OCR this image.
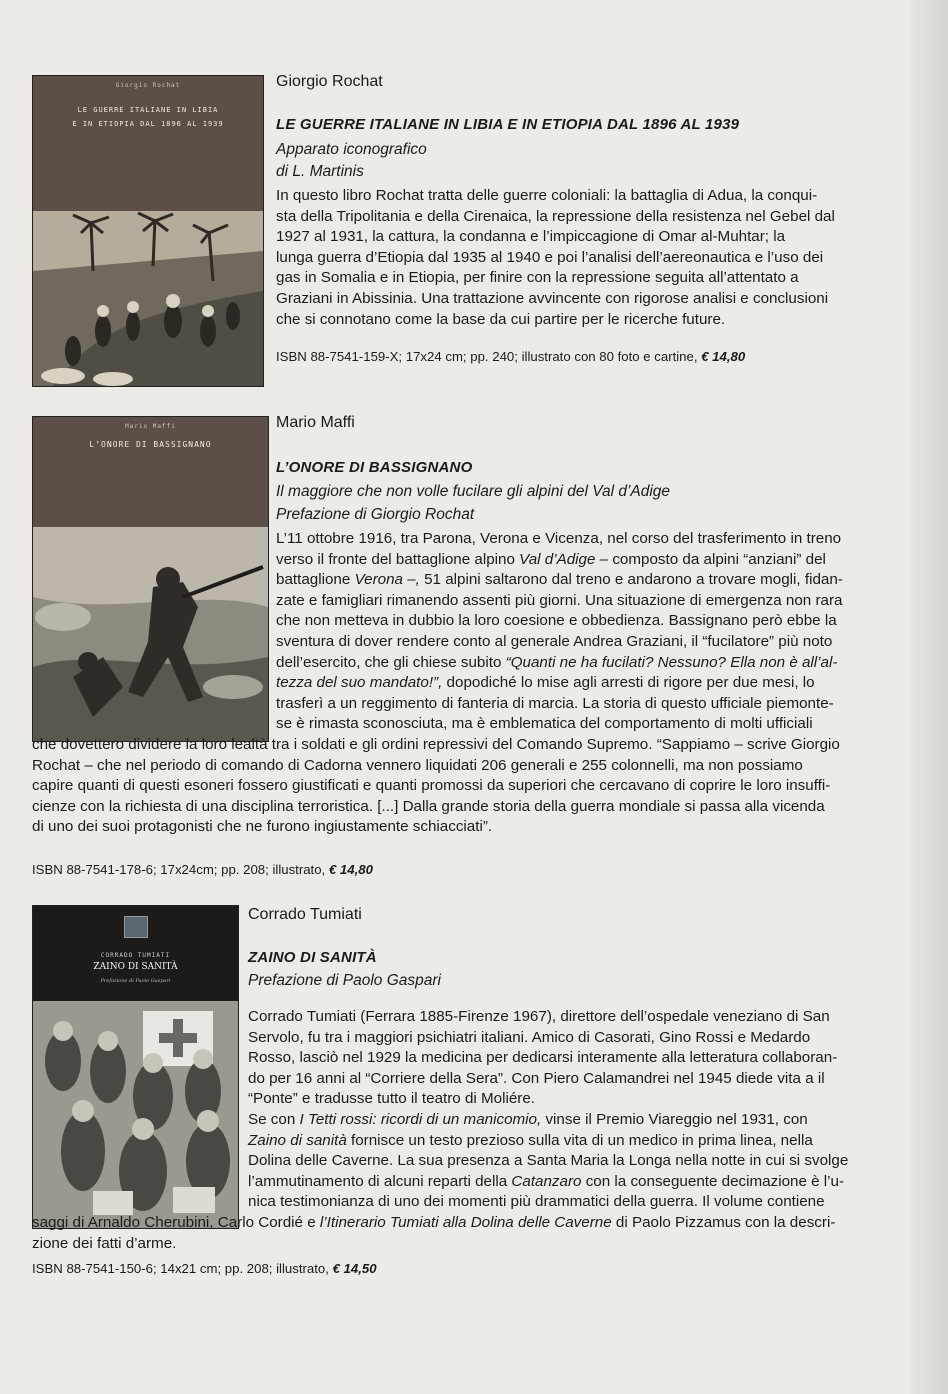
Giorgio Rochat
LE GUERRE ITALIANE IN LIBIA
E IN ETIOPIA DAL 1896 AL 1939
Giorgio Rochat
LE GUERRE ITALIANE IN LIBIA E IN ETIOPIA DAL 1896 AL 1939
Apparato iconografico
di L. Martinis
In questo libro Rochat tratta delle guerre coloniali: la battaglia di Adua, la conqui-
sta della Tripolitania e della Cirenaica, la repressione della resistenza nel Gebel dal
1927 al 1931, la cattura, la condanna e l’impiccagione di Omar al-Muhtar; la
lunga guerra d’Etiopia dal 1935 al 1940 e poi l’analisi dell’aereonautica e l’uso dei
gas in Somalia e in Etiopia, per finire con la repressione seguita all’attentato a
Graziani in Abissinia. Una trattazione avvincente con rigorose analisi e conclusioni
che si connotano come la base da cui partire per le ricerche future.
ISBN 88-7541-159-X; 17x24 cm; pp. 240; illustrato con 80 foto e cartine, € 14,80
Mario Maffi
L’ONORE DI BASSIGNANO
Mario Maffi
L’ONORE DI BASSIGNANO
Il maggiore che non volle fucilare gli alpini del Val d’Adige
Prefazione di Giorgio Rochat
L’11 ottobre 1916, tra Parona, Verona e Vicenza, nel corso del trasferimento in treno
verso il fronte del battaglione alpino Val d’Adige – composto da alpini “anziani” del
battaglione Verona –, 51 alpini saltarono dal treno e andarono a trovare mogli, fidan-
zate e famigliari rimanendo assenti più giorni. Una situazione di emergenza non rara
che non metteva in dubbio la loro coesione e obbedienza. Bassignano però ebbe la
sventura di dover rendere conto al generale Andrea Graziani, il “fucilatore” più noto
dell’esercito, che gli chiese subito “Quanti ne ha fucilati? Nessuno? Ella non è all’al-
tezza del suo mandato!”, dopodiché lo mise agli arresti di rigore per due mesi, lo
trasferì a un reggimento di fanteria di marcia. La storia di questo ufficiale piemonte-
se è rimasta sconosciuta, ma è emblematica del comportamento di molti ufficiali
che dovettero dividere la loro lealtà tra i soldati e gli ordini repressivi del Comando Supremo. “Sappiamo – scrive Giorgio
Rochat – che nel periodo di comando di Cadorna vennero liquidati 206 generali e 255 colonnelli, ma non possiamo
capire quanti di questi esoneri fossero giustificati e quanti promossi da superiori che cercavano di coprire le loro insuffi-
cienze con la richiesta di una disciplina terroristica. [...] Dalla grande storia della guerra mondiale si passa alla vicenda
di uno dei suoi protagonisti che ne furono ingiustamente schiacciati”.
ISBN 88-7541-178-6; 17x24cm; pp. 208; illustrato, € 14,80
CORRADO TUMIATI
ZAINO DI SANITÀ
Prefazione di Paolo Gaspari
Corrado Tumiati
ZAINO DI SANITÀ
Prefazione di Paolo Gaspari
Corrado Tumiati (Ferrara 1885-Firenze 1967), direttore dell’ospedale veneziano di San
Servolo, fu tra i maggiori psichiatri italiani. Amico di Casorati, Gino Rossi e Medardo
Rosso, lasciò nel 1929 la medicina per dedicarsi interamente alla letteratura collaboran-
do per 16 anni al “Corriere della Sera”. Con Piero Calamandrei nel 1945 diede vita a il
“Ponte” e tradusse tutto il teatro di Moliére.
Se con I Tetti rossi: ricordi di un manicomio, vinse il Premio Viareggio nel 1931, con
Zaino di sanità fornisce un testo prezioso sulla vita di un medico in prima linea, nella
Dolina delle Caverne. La sua presenza a Santa Maria la Longa nella notte in cui si svolge
l’ammutinamento di alcuni reparti della Catanzaro con la conseguente decimazione è l’u-
nica testimonianza di uno dei momenti più drammatici della guerra. Il volume contiene
saggi di Arnaldo Cherubini, Carlo Cordié e l’Itinerario Tumiati alla Dolina delle Caverne di Paolo Pizzamus con la descri-
zione dei fatti d’arme.
ISBN 88-7541-150-6; 14x21 cm; pp. 208; illustrato, € 14,50
